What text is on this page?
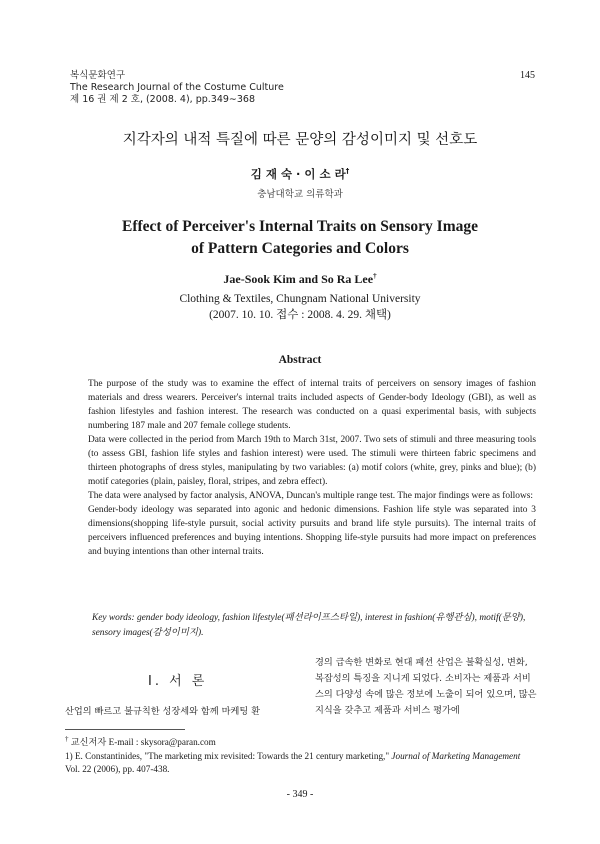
복식문화연구
The Research Journal of the Costume Culture
제 16 권 제 2 호, (2008. 4), pp.349∼368
145
지각자의 내적 특질에 따른 문양의 감성이미지 및 선호도
김 재 숙 · 이 소 라†
충남대학교 의류학과
Effect of Perceiver's Internal Traits on Sensory Image
of Pattern Categories and Colors
Jae-Sook Kim and So Ra Lee†
Clothing & Textiles, Chungnam National University
(2007. 10. 10. 접수 : 2008. 4. 29. 채택)
Abstract

The purpose of the study was to examine the effect of internal traits of perceivers on sensory images of fashion materials and dress wearers. Perceiver's internal traits included aspects of Gender-body Ideology (GBI), as well as fashion lifestyles and fashion interest. The research was conducted on a quasi experimental basis, with subjects numbering 187 male and 207 female college students.

Data were collected in the period from March 19th to March 31st, 2007. Two sets of stimuli and three measuring tools (to assess GBI, fashion life styles and fashion interest) were used. The stimuli were thirteen fabric specimens and thirteen photographs of dress styles, manipulating by two variables: (a) motif colors (white, grey, pinks and blue); (b) motif categories (plain, paisley, floral, stripes, and zebra effect).

The data were analysed by factor analysis, ANOVA, Duncan's multiple range test. The major findings were as follows:

Gender-body ideology was separated into agonic and hedonic dimensions. Fashion life style was separated into 3 dimensions(shopping life-style pursuit, social activity pursuits and brand life style pursuits). The internal traits of perceivers influenced preferences and buying intentions. Shopping life-style pursuits had more impact on preferences and buying intentions than other internal traits.

Key words: gender body ideology, fashion lifestyle(패션라이프스타일), interest in fashion(유행관심), motif(문양), sensory images(감성이미지).
Ⅰ. 서 론
산업의 빠르고 불규칙한 성장세와 함께 마케팅 환
경의 급속한 변화로 현대 패션 산업은 불확실성, 변화, 복잡성의 특징을 지니게 되었다. 소비자는 제품과 서비스의 다양성 속에 많은 정보에 노출이 되어 있으며, 많은 지식을 갖추고 제품과 서비스 평가에
† 교신저자 E-mail : skysora@paran.com
1) E. Constantinides, "The marketing mix revisited: Towards the 21 century marketing," Journal of Marketing Management Vol. 22 (2006), pp. 407-438.
- 349 -
